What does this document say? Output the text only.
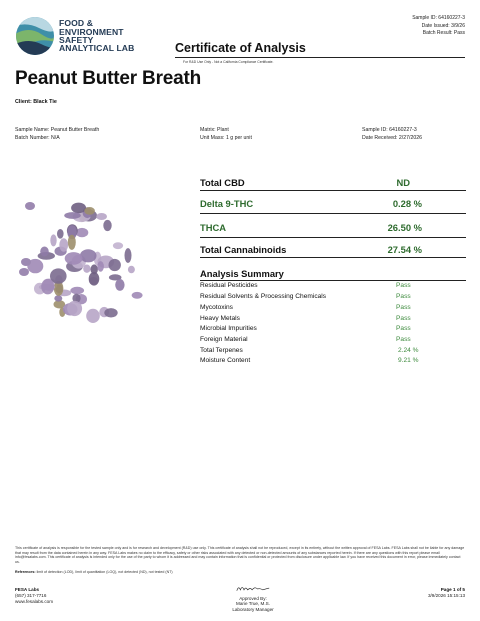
FOOD &
ENVIRONMENT
SAFETY
ANALYTICAL LAB	Certificate of Analysis
For R&D Use Only - Not a California Compliance Certificate.
Sample ID: 64160227-3
Date Issued: 3/9/26
Batch Result: Pass
Peanut Butter Breath
Client: Black Tie
Sample Name: Peanut Butter Breath
Batch Number: N/A
Matrix: Plant
Unit Mass: 1 g per unit
Sample ID: 64160227-3
Date Received: 2/27/2026
Total CBD	ND
Delta 9-THC	0.28 %
THCA	26.50 %
Total Cannabinoids	27.54 %
Analysis Summary
Residual Pesticides	Pass
Residual Solvents & Processing Chemicals	Pass
Mycotoxins	Pass
Heavy Metals	Pass
Microbial Impurities	Pass
Foreign Material	Pass
Total Terpenes	2.24 %
Moisture Content	9.21 %
This certificate of analysis is responsible for the tested sample only and is for research and development (R&D) use only. This certificate of analysis shall not be reproduced, except in its entirety, without the written approval of FESA Labs. FESA Labs shall not be liable for any damage that may result from the data contained herein in any way. FESA Labs makes no claim to the efficacy, safety or other risks associated with any detected or non-detected amounts of any substances reported herein. If there are any questions with this report please email info@fesalabs.com. This certificate of analysis is intended only for the use of the party to whom it is addressed and may contain information that is confidential or protected from disclosure under applicable law. If you have received this document in error, please immediately contact us.
References: limit of detection (LOD), limit of quantitation (LOQ), not detected (ND), not tested (NT)
FESA Labs
(657) 317-7716
www.fesalabs.com
Approved By:
Marie True, M.S.
Laboratory Manager
Page 1 of 5
3/9/2026 15:15:13
